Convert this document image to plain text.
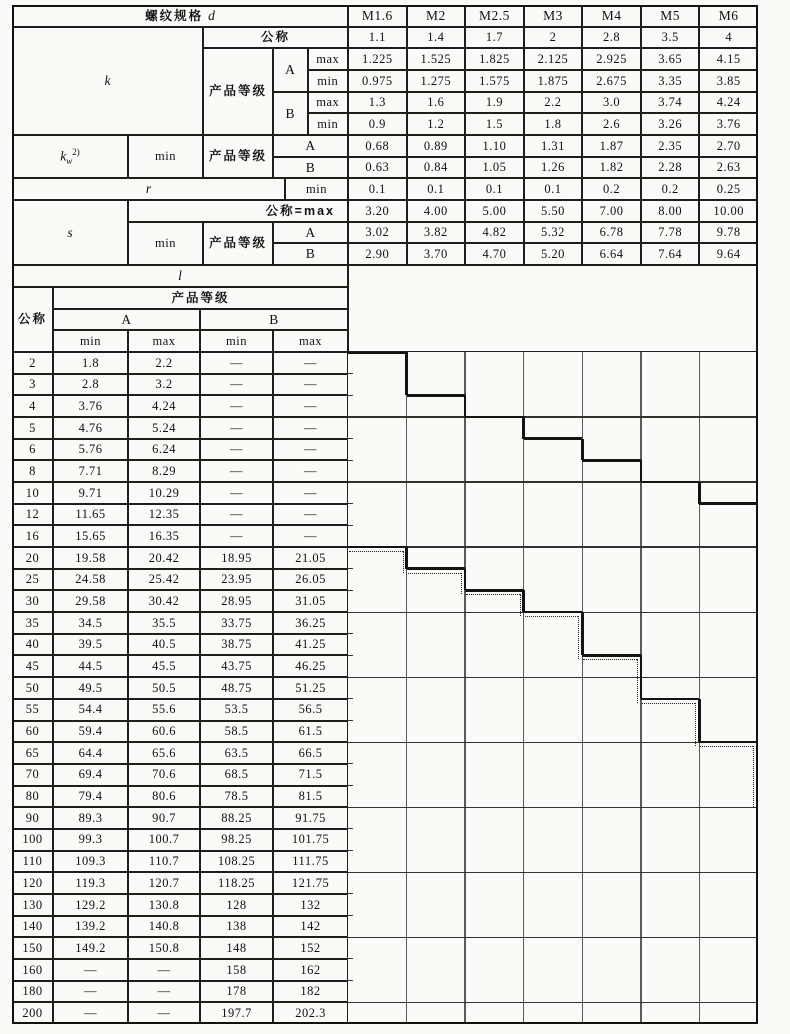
螺纹规格 d	M1.6 M2 M2.5 M3	M4	M5	M6
k
公称	1.1	1.4	1.7	2	2.8	3.5	4
产品等级
A
max 1.225 1.525 1.825 2.125 2.925	3.65	4.15
min 0.975 1.275 1.575 1.875 2.675	3.35	3.85
B
max 1.3	1.6	1.9	2.2	3.0	3.74	4.24
min 0.9	1.2	1.5	1.8	2.6	3.26	3.76
$k_w^{2)}$	min	产品等级
A	0.68	0.89	1.10	1.31	1.87	2.35	2.70
B	0.63	0.84	1.05	1.26	1.82	2.28	2.63
r	min	0.1	0.1	0.1	0.1	0.2	0.2	0.25
s
公称=max 3.20	4.00	5.00	5.50	7.00	8.00	10.00
min	产品等级
A	3.02	3.82	4.82	5.32	6.78	7.78	9.78
B	2.90	3.70	4.70	5.20	6.64	7.64	9.64
l
公称
产品等级
A	B
min	max	min	max
2	1.8	2.2	—	—
3	2.8	3.2	—	—
4	3.76	4.24	—	—
5	4.76	5.24	—	—
6	5.76	6.24	—	—
8	7.71	8.29	—	—
10	9.71	10.29	—	—
12	11.65	12.35	—	—
16	15.65	16.35	—	—
20	19.58	20.42	18.95	21.05
25	24.58	25.42	23.95	26.05
30	29.58	30.42	28.95	31.05
35	34.5	35.5	33.75	36.25
40	39.5	40.5	38.75	41.25
45	44.5	45.5	43.75	46.25
50	49.5	50.5	48.75	51.25
55	54.4	55.6	53.5	56.5
60	59.4	60.6	58.5	61.5
65	64.4	65.6	63.5	66.5
70	69.4	70.6	68.5	71.5
80	79.4	80.6	78.5	81.5
90	89.3	90.7	88.25	91.75
100	99.3	100.7	98.25	101.75
110	109.3	110.7	108.25	111.75
120	119.3	120.7	118.25	121.75
130	129.2	130.8	128	132
140	139.2	140.8	138	142
150	149.2	150.8	148	152
160	—	—	158	162
180	—	—	178	182
200	—	—	197.7	202.3
